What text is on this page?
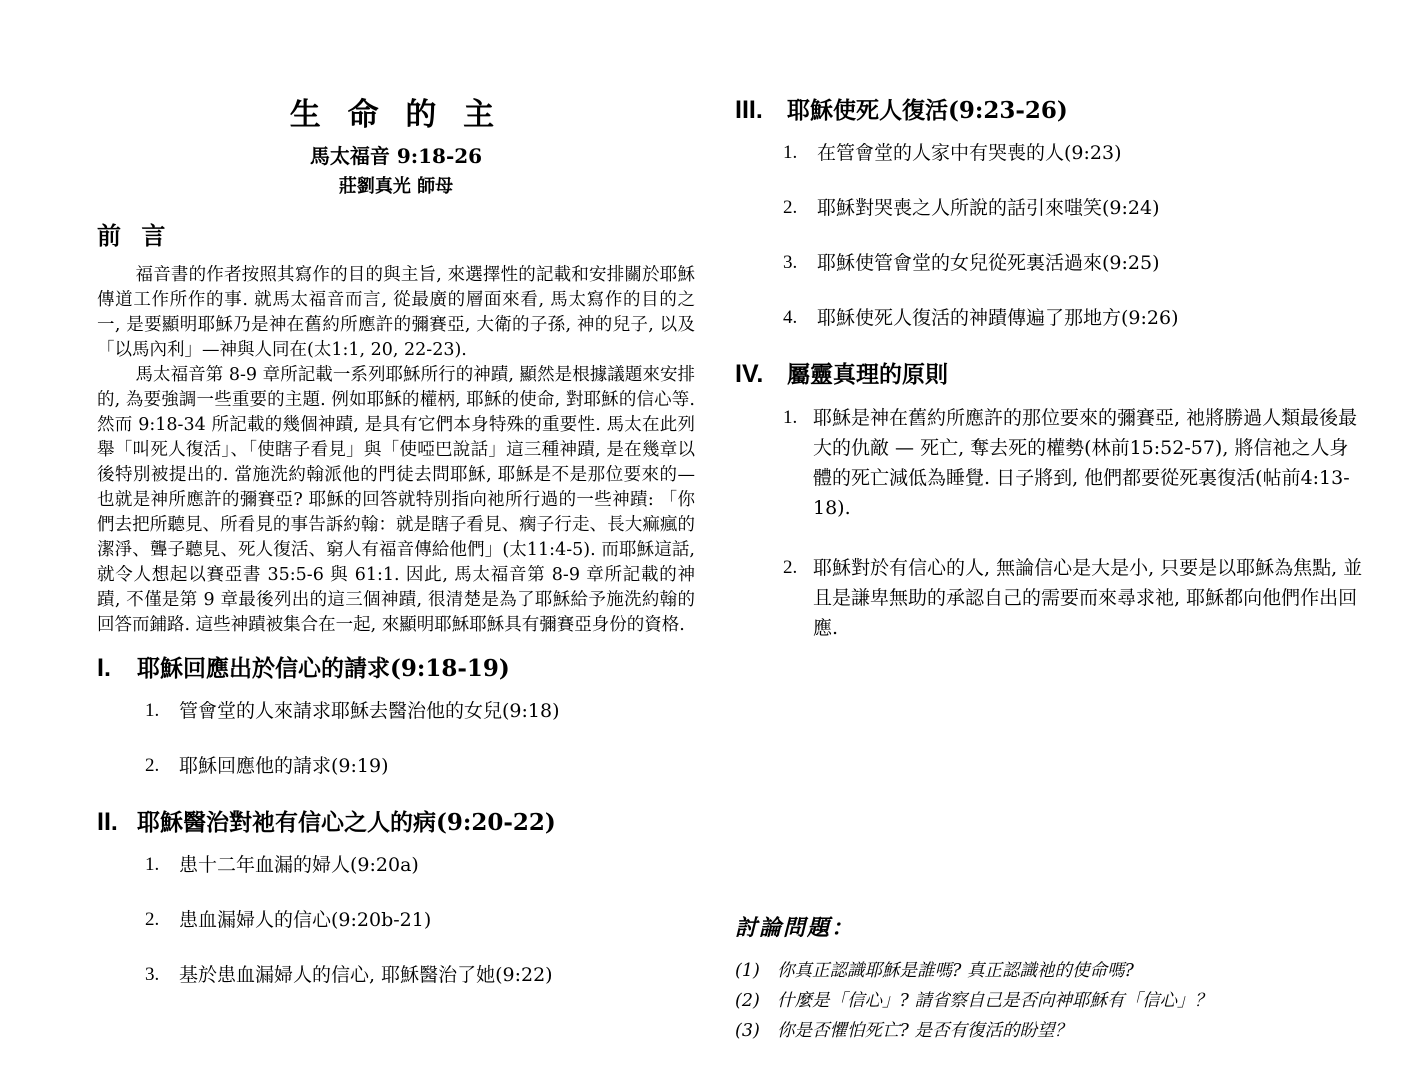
生 命 的 主
馬太福音 9:18-26
莊劉真光 師母
前 言

福音書的作者按照其寫作的目的與主旨, 來選擇性的記載和安排關於耶穌傳道工作所作的事. 就馬太福音而言, 從最廣的層面來看, 馬太寫作的目的之一, 是要顯明耶穌乃是神在舊約所應許的彌賽亞, 大衛的子孫, 神的兒子, 以及「以馬內利」—神與人同在(太1:1, 20, 22-23).

馬太福音第 8-9 章所記載一系列耶穌所行的神蹟, 顯然是根據議題來安排的, 為要強調一些重要的主題. 例如耶穌的權柄, 耶穌的使命, 對耶穌的信心等. 然而 9:18-34 所記載的幾個神蹟, 是具有它們本身特殊的重要性. 馬太在此列舉「叫死人復活」、「使瞎子看見」與「使啞巴說話」這三種神蹟, 是在幾章以後特別被提出的. 當施洗約翰派他的門徒去問耶穌, 耶穌是不是那位要來的—也就是神所應許的彌賽亞? 耶穌的回答就特別指向祂所行過的一些神蹟: 「你們去把所聽見、所看見的事告訴約翰：就是瞎子看見、瘸子行走、長大痲瘋的潔淨、聾子聽見、死人復活、窮人有福音傳給他們」(太11:4-5). 而耶穌這話, 就令人想起以賽亞書 35:5-6 與 61:1. 因此, 馬太福音第 8-9 章所記載的神蹟, 不僅是第 9 章最後列出的這三個神蹟, 很清楚是為了耶穌給予施洗約翰的回答而鋪路. 這些神蹟被集合在一起, 來顯明耶穌耶穌具有彌賽亞身份的資格.

I.	耶穌回應出於信心的請求(9:18-19)
1.	管會堂的人來請求耶穌去醫治他的女兒(9:18)
2.	耶穌回應他的請求(9:19)
II. 耶穌醫治對祂有信心之人的病(9:20-22)
1.	患十二年血漏的婦人(9:20a)
2.	患血漏婦人的信心(9:20b-21)
3.	基於患血漏婦人的信心, 耶穌醫治了她(9:22)
III.	耶穌使死人復活(9:23-26)
1.	在管會堂的人家中有哭喪的人(9:23)
2.	耶穌對哭喪之人所說的話引來嗤笑(9:24)
3.	耶穌使管會堂的女兒從死裏活過來(9:25)
4.	耶穌使死人復活的神蹟傳遍了那地方(9:26)
IV.	屬靈真理的原則
1. 耶穌是神在舊約所應許的那位要來的彌賽亞, 祂將勝過人類最後最大的仇敵 — 死亡, 奪去死的權勢(林前15:52-57), 將信祂之人身體的死亡減低為睡覺. 日子將到, 他們都要從死裏復活(帖前4:13-18).
2. 耶穌對於有信心的人, 無論信心是大是小, 只要是以耶穌為焦點, 並且是謙卑無助的承認自己的需要而來尋求祂, 耶穌都向他們作出回應.
討論問題：
(1) 你真正認識耶穌是誰嗎? 真正認識祂的使命嗎?
(2) 什麼是「信心」? 請省察自己是否向神耶穌有「信心」？
(3) 你是否懼怕死亡? 是否有復活的盼望？
